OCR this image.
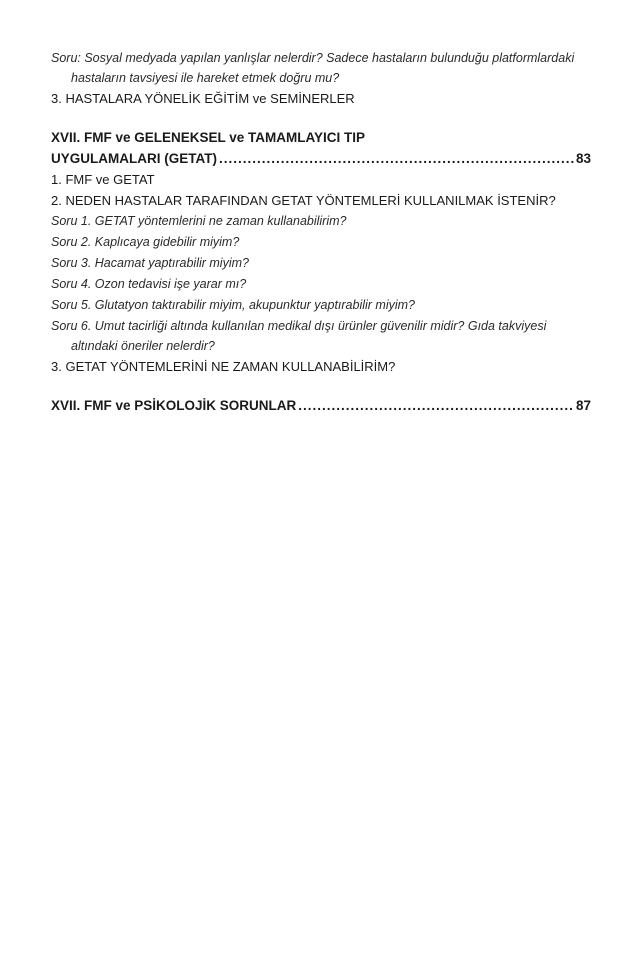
Soru: Sosyal medyada yapılan yanlışlar nelerdir? Sadece hastaların bulunduğu platformlardaki hastaların tavsiyesi ile hareket etmek doğru mu?
3. HASTALARA YÖNELİK EĞİTİM ve SEMİNERLER
XVII. FMF ve GELENEKSEL ve TAMAMLAYICI TIP
UYGULAMALARI (GETAT) .....	83
1. FMF ve GETAT
2. NEDEN HASTALAR TARAFINDAN GETAT YÖNTEMLERİ KULLANILMAK İSTENİR?
Soru 1. GETAT yöntemlerini ne zaman kullanabilirim?
Soru 2. Kaplıcaya gidebilir miyim?
Soru 3. Hacamat yaptırabilir miyim?
Soru 4. Ozon tedavisi işe yarar mı?
Soru 5. Glutatyon taktırabilir miyim, akupunktur yaptırabilir miyim?
Soru 6. Umut tacirliği altında kullanılan medikal dışı ürünler güvenilir midir? Gıda takviyesi altındaki öneriler nelerdir?
3. GETAT YÖNTEMLERİNİ NE ZAMAN KULLANABİLİRİM?
XVII. FMF ve PSİKOLOJİK SORUNLAR .....	87
